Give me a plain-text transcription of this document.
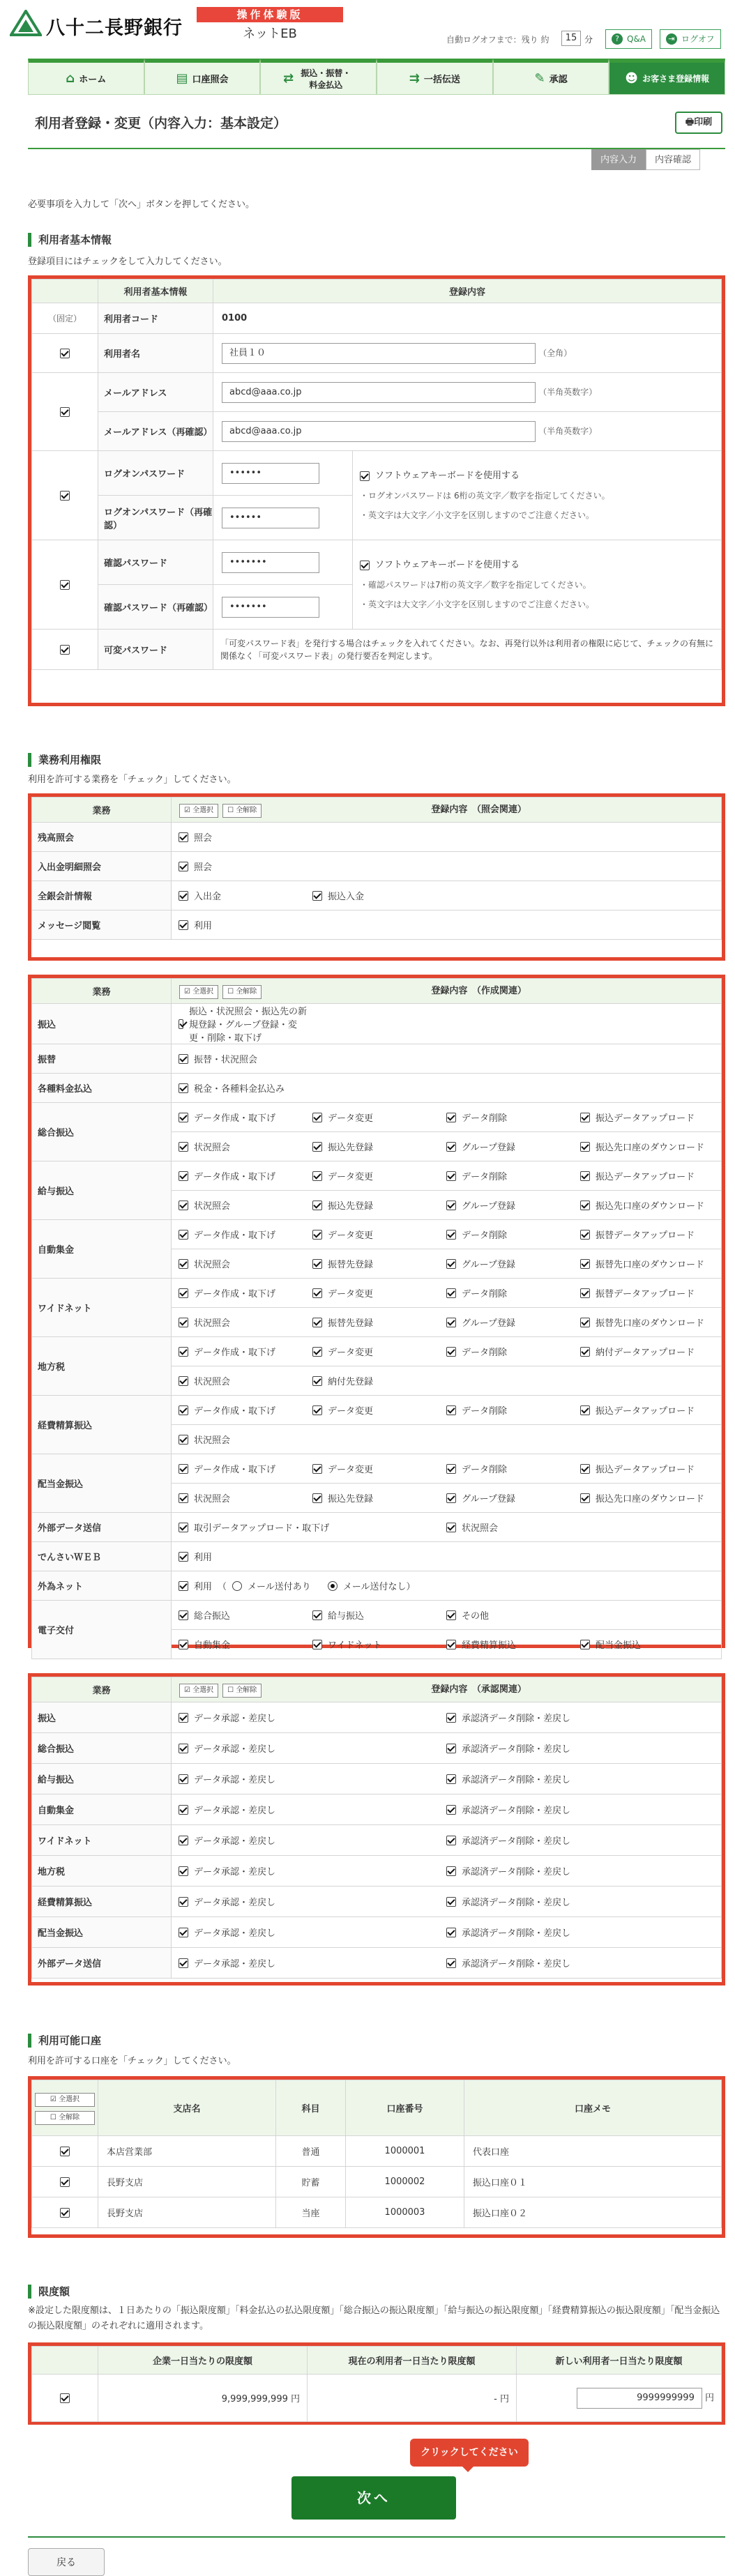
八十二長野銀行
操作体験版
ネットEB	自動ログオフまで：残り 約	15 分	? Q&A	⇥ ログオフ
⌂ ホーム	▤ 口座照会	⇄ 振込・振替・料金払込	⇉ 一括伝送	✎ 承認	☻ お客さま登録情報
利用者登録・変更（内容入力：基本設定）	🖶印刷
内容入力	内容確認
必要事項を入力して「次へ」ボタンを押してください。
利用者基本情報
登録項目にはチェックをして入力してください。
	利用者基本情報	登録内容	
（固定）	利用者コード	0100	
	利用者名	社員１０ （全角）	
	メールアドレス	abcd@aaa.co.jp （半角英数字）	
	メールアドレス（再確認）	abcd@aaa.co.jp （半角英数字）	
	ログオンパスワード	••••••	ソフトウェアキーボードを使用する
・ログオンパスワードは 6桁の英文字／数字を指定してください。
・英文字は大文字／小文字を区別しますのでご注意ください。

	ログオンパスワード（再確認）	••••••	
	確認パスワード	•••••••	ソフトウェアキーボードを使用する
・確認パスワードは7桁の英文字／数字を指定してください。
・英文字は大文字／小文字を区別しますのでご注意ください。

	確認パスワード（再確認）	•••••••	
	可変パスワード	「可変パスワード表」を発行する場合はチェックを入れてください。なお、再発行以外は利用者の権限に応じて、チェックの有無に関係なく「可変パスワード表」の発行要否を判定します。	
業務利用権限
利用を許可する業務を「チェック」してください。
業務	☑ 全選択 ☐ 全解除 登録内容　（照会関連）
残高照会	照会

入出金明細照会	照会

全銀会計情報	入出金 振込入金

メッセージ閲覧	利用
業務	☑ 全選択 ☐ 全解除 登録内容　（作成関連）
振込	振込・状況照会・振込先の新規登録・グループ登録・変更・削除・取下げ

振替	振替・状況照会

各種料金払込	税金・各種料金払込み

総合振込	データ作成・取下げ データ変更 データ削除 振込データアップロード

	状況照会 振込先登録 グループ登録 振込先口座のダウンロード

給与振込	データ作成・取下げ データ変更 データ削除 振込データアップロード

	状況照会 振込先登録 グループ登録 振込先口座のダウンロード

自動集金	データ作成・取下げ データ変更 データ削除 振替データアップロード

	状況照会 振替先登録 グループ登録 振替先口座のダウンロード

ワイドネット	データ作成・取下げ データ変更 データ削除 振替データアップロード

	状況照会 振替先登録 グループ登録 振替先口座のダウンロード

地方税	データ作成・取下げ データ変更 データ削除 納付データアップロード

	状況照会 納付先登録

経費精算振込	データ作成・取下げ データ変更 データ削除 振込データアップロード

	状況照会

配当金振込	データ作成・取下げ データ変更 データ削除 振込データアップロード

	状況照会 振込先登録 グループ登録 振込先口座のダウンロード

外部データ送信	取引データアップロード・取下げ 状況照会

でんさいＷＥＢ	利用

外為ネット	利用 （ メール送付あり メール送付なし）

電子交付	総合振込 給与振込 その他

	自動集金 ワイドネット 経費精算振込 配当金振込
業務	☑ 全選択 ☐ 全解除 登録内容　（承認関連）
振込	データ承認・差戻し 承認済データ削除・差戻し

総合振込	データ承認・差戻し 承認済データ削除・差戻し

給与振込	データ承認・差戻し 承認済データ削除・差戻し

自動集金	データ承認・差戻し 承認済データ削除・差戻し

ワイドネット	データ承認・差戻し 承認済データ削除・差戻し

地方税	データ承認・差戻し 承認済データ削除・差戻し

経費精算振込	データ承認・差戻し 承認済データ削除・差戻し

配当金振込	データ承認・差戻し 承認済データ削除・差戻し

外部データ送信	データ承認・差戻し 承認済データ削除・差戻し
利用可能口座
利用を許可する口座を「チェック」してください。
☑ 全選択
☐ 全解除	支店名	科目	口座番号	口座メモ
	本店営業部	普通	1000001	代表口座
	長野支店	貯蓄	1000002	振込口座０１
	長野支店	当座	1000003	振込口座０２
限度額
※設定した限度額は、１日あたりの「振込限度額」「料金払込の払込限度額」「総合振込の振込限度額」「給与振込の振込限度額」「経費精算振込の振込限度額」「配当金振込の振込限度額」のそれぞれに適用されます。
	企業一日当たりの限度額	現在の利用者一日当たり限度額	新しい利用者一日当たり限度額
	9,999,999,999 円	- 円	9999999999 円
クリックしてください
次へ
戻る
